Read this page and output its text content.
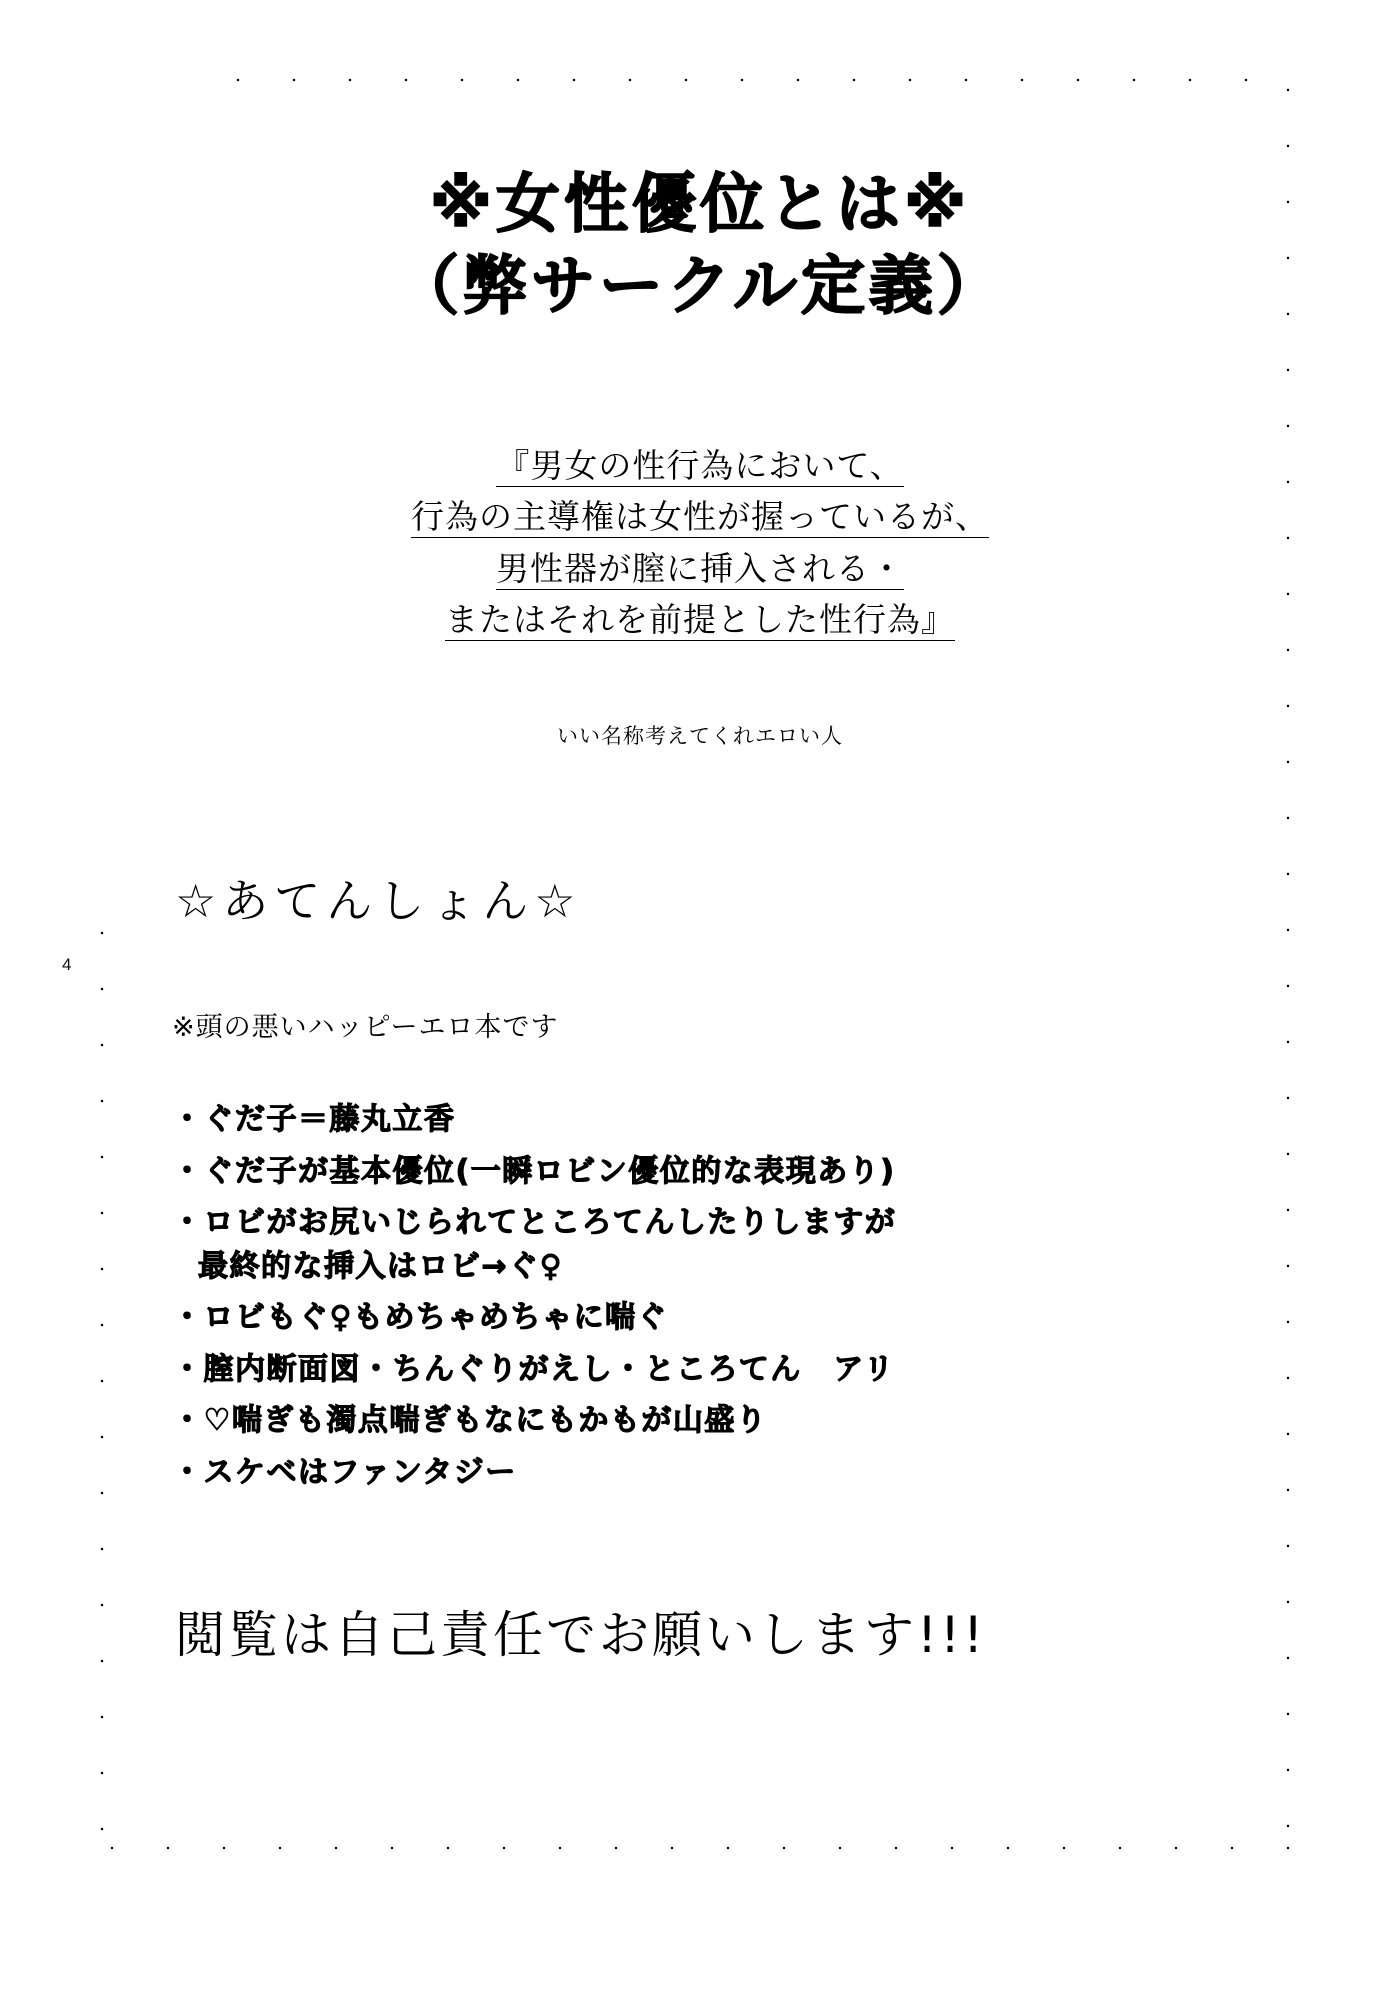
4
※女性優位とは※
（弊サークル定義）
『男女の性行為において、
行為の主導権は女性が握っているが、
男性器が膣に挿入される・
またはそれを前提とした性行為』
いい名称考えてくれエロい人
☆あてんしょん☆
※頭の悪いハッピーエロ本です
・ぐだ子＝藤丸立香
・ぐだ子が基本優位(一瞬ロビン優位的な表現あり)
・ロビがお尻いじられてところてんしたりしますが
最終的な挿入はロビ→ぐ♀
・ロビもぐ♀もめちゃめちゃに喘ぐ
・膣内断面図・ちんぐりがえし・ところてん　アリ
・♡喘ぎも濁点喘ぎもなにもかもが山盛り
・スケベはファンタジー
閲覧は自己責任でお願いします!!!
